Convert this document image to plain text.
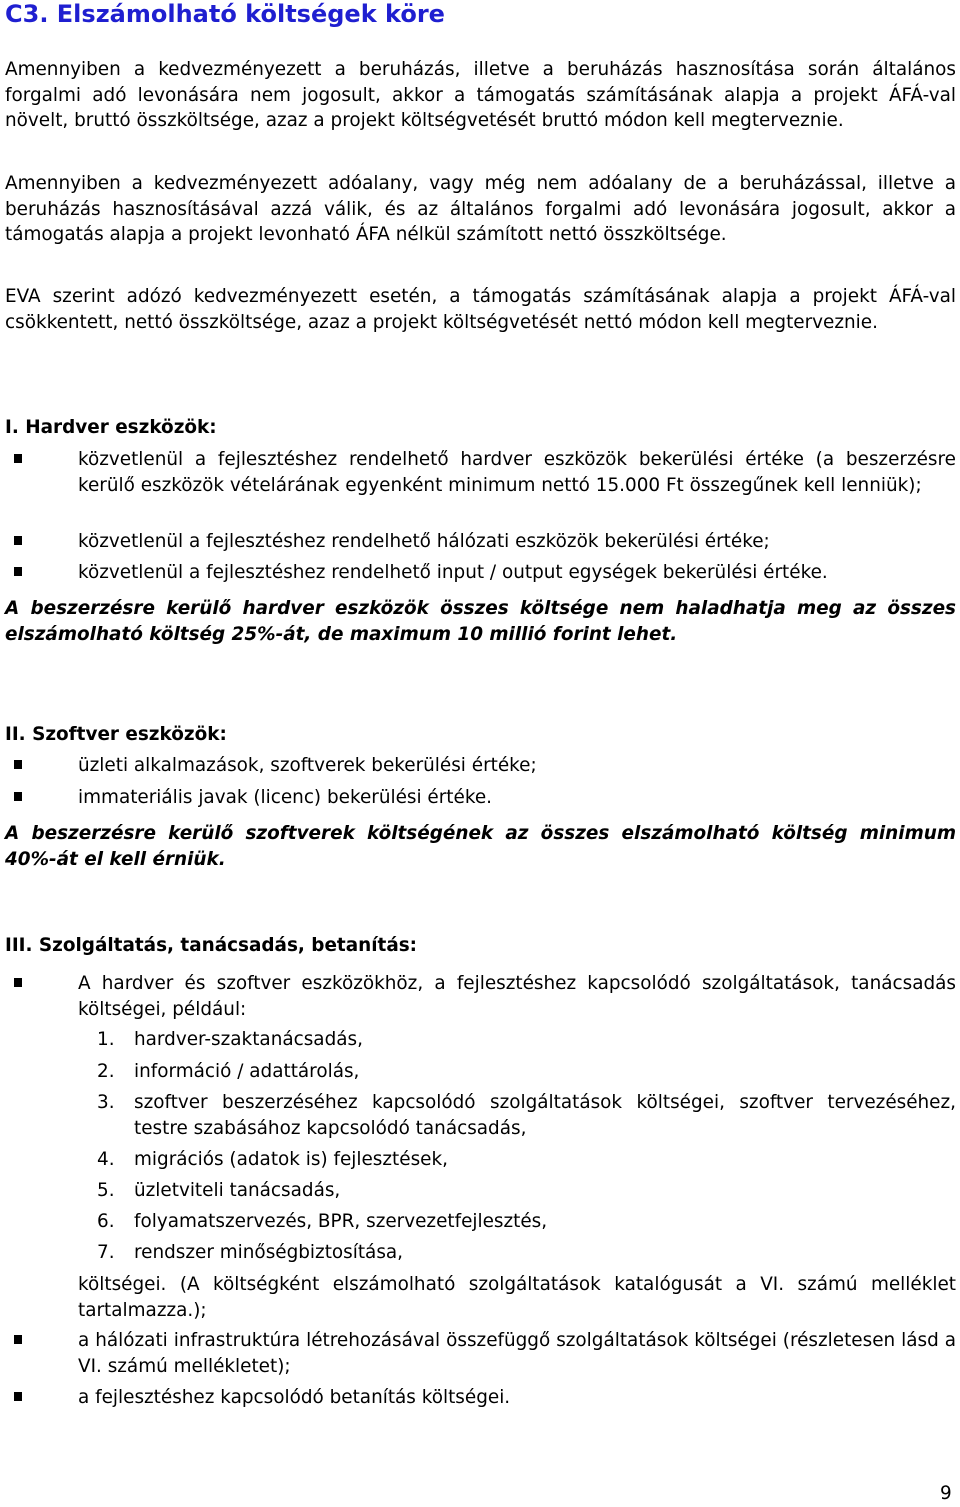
C3. Elszámolható költségek köre
Amennyiben a kedvezményezett a beruházás, illetve a beruházás hasznosítása során általános forgalmi adó levonására nem jogosult, akkor a támogatás számításának alapja a projekt ÁFÁ-val növelt, bruttó összköltsége, azaz a projekt költségvetését bruttó módon kell megterveznie.
Amennyiben a kedvezményezett adóalany, vagy még nem adóalany de a beruházással, illetve a beruházás hasznosításával azzá válik, és az általános forgalmi adó levonására jogosult, akkor a támogatás alapja a projekt levonható ÁFA nélkül számított nettó összköltsége.
EVA szerint adózó kedvezményezett esetén, a támogatás számításának alapja a projekt ÁFÁ-val csökkentett, nettó összköltsége, azaz a projekt költségvetését nettó módon kell megterveznie.
I. Hardver eszközök:
közvetlenül a fejlesztéshez rendelhető hardver eszközök bekerülési értéke (a beszerzésre kerülő eszközök vételárának egyenként minimum nettó 15.000 Ft összegűnek kell lenniük);
közvetlenül a fejlesztéshez rendelhető hálózati eszközök bekerülési értéke;
közvetlenül a fejlesztéshez rendelhető input / output egységek bekerülési értéke.
A beszerzésre kerülő hardver eszközök összes költsége nem haladhatja meg az összes elszámolható költség 25%-át, de maximum 10 millió forint lehet.
II. Szoftver eszközök:
üzleti alkalmazások, szoftverek bekerülési értéke;
immateriális javak (licenc) bekerülési értéke.
A beszerzésre kerülő szoftverek költségének az összes elszámolható költség minimum 40%-át el kell érniük.
III. Szolgáltatás, tanácsadás, betanítás:
A hardver és szoftver eszközökhöz, a fejlesztéshez kapcsolódó szolgáltatások, tanácsadás költségei, például:
1. hardver-szaktanácsadás,
2. információ / adattárolás,
3. szoftver beszerzéséhez kapcsolódó szolgáltatások költségei, szoftver tervezéséhez, testre szabásához kapcsolódó tanácsadás,
4. migrációs (adatok is) fejlesztések,
5. üzletviteli tanácsadás,
6. folyamatszervezés, BPR, szervezetfejlesztés,
7. rendszer minőségbiztosítása,
költségei. (A költségként elszámolható szolgáltatások katalógusát a VI. számú melléklet tartalmazza.);
a hálózati infrastruktúra létrehozásával összefüggő szolgáltatások költségei (részletesen lásd a VI. számú mellékletet);
a fejlesztéshez kapcsolódó betanítás költségei.
9
